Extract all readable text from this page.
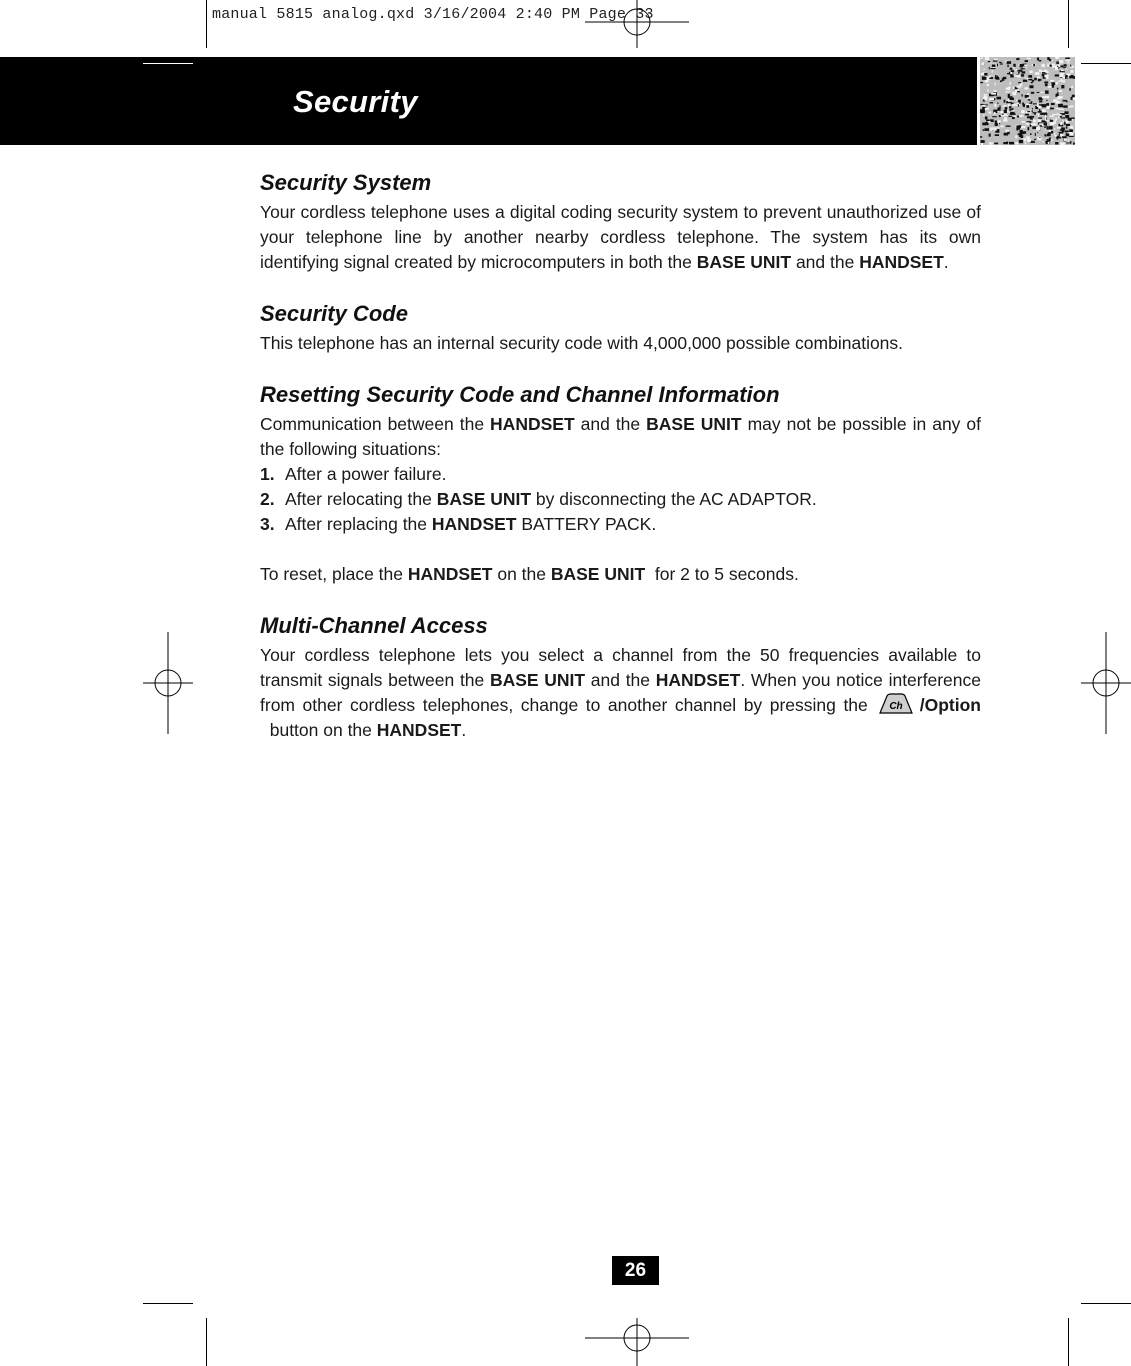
manual 5815 analog.qxd 3/16/2004 2:40 PM Page 33
Security
Security System

Your cordless telephone uses a digital coding security system to prevent unauthorized use of your telephone line by another nearby cordless telephone. The system has its own identifying signal created by microcomputers in both the BASE UNIT and the HANDSET.

Security Code

This telephone has an internal security code with 4,000,000 possible combinations.

Resetting Security Code and Channel Information

Communication between the HANDSET and the BASE UNIT may not be possible in any of the following situations:

1. After a power failure.
2. After relocating the BASE UNIT by disconnecting the AC ADAPTOR.
3. After replacing the HANDSET BATTERY PACK.

To reset, place the HANDSET on the BASE UNIT  for 2 to 5 seconds.

Multi-Channel Access

Your cordless telephone lets you select a channel from the 50 frequencies available to transmit signals between the BASE UNIT and the HANDSET. When you notice interference from other cordless telephones, change to another channel by pressing the Ch /Option  button on the HANDSET.

26
